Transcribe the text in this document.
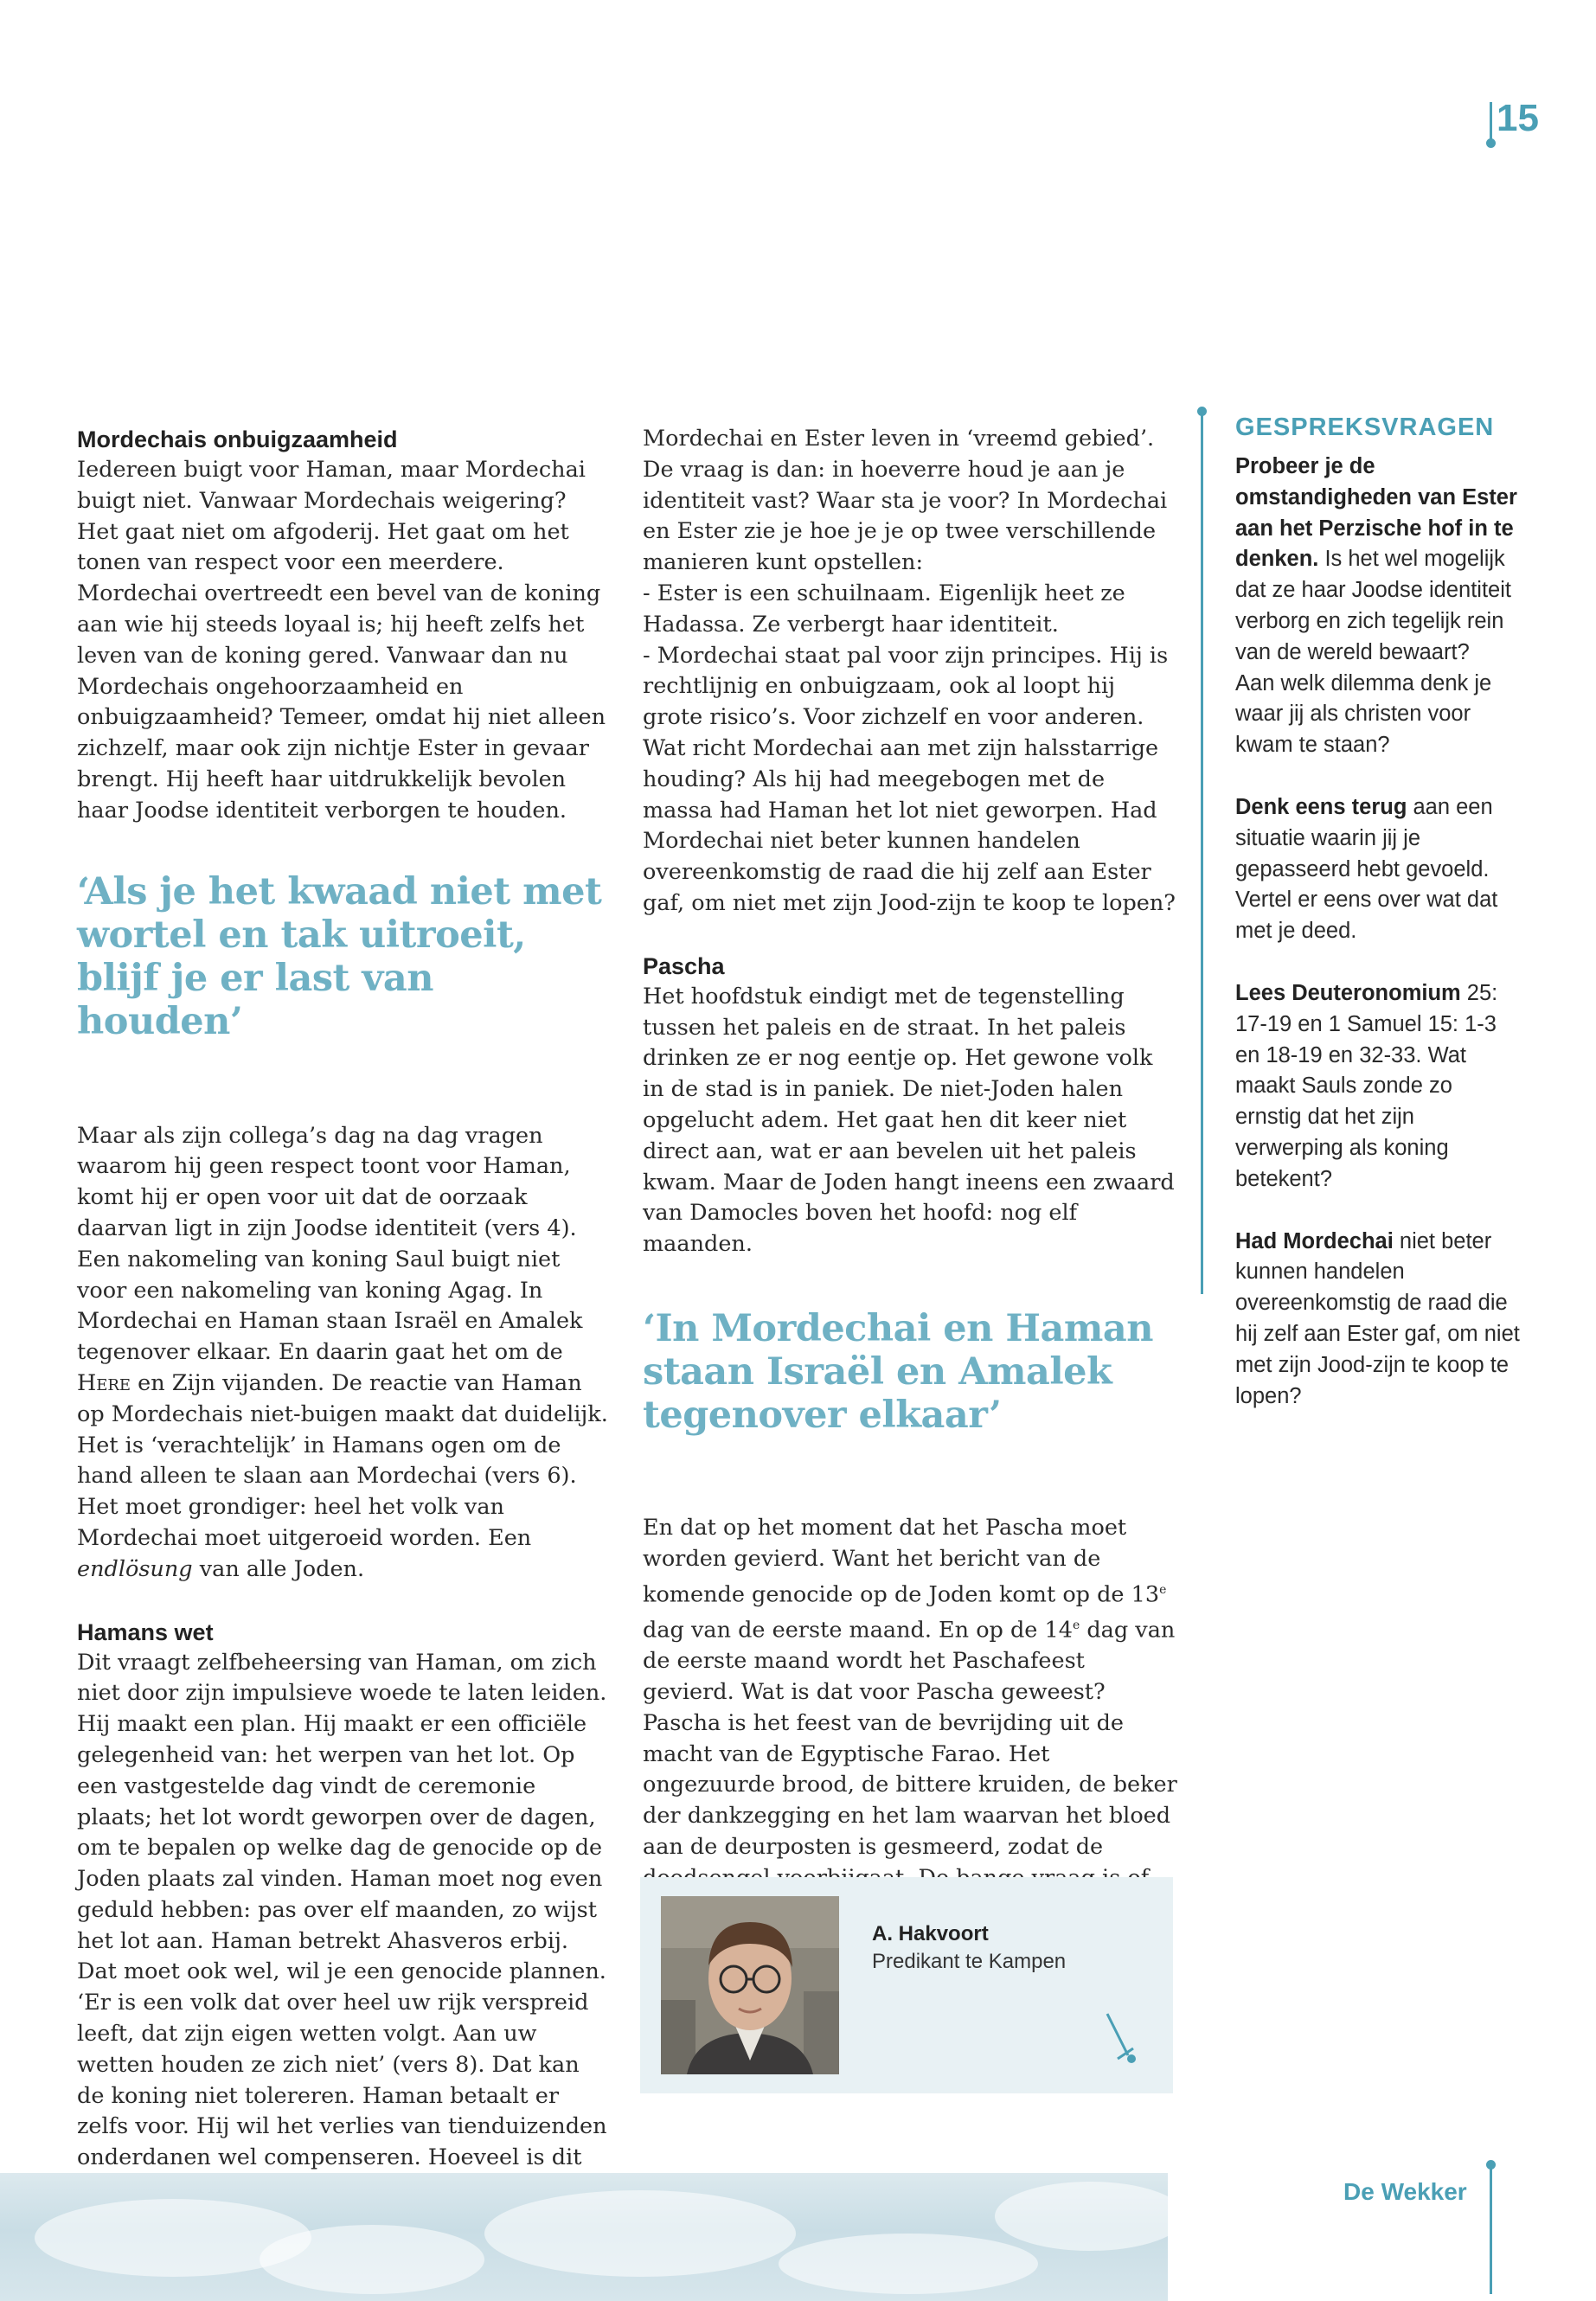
15
Mordechais onbuigzaamheid

Iedereen buigt voor Haman, maar Mordechai buigt niet. Vanwaar Mordechais weigering? Het gaat niet om afgoderij. Het gaat om het tonen van respect voor een meerdere. Mordechai overtreedt een bevel van de koning aan wie hij steeds loyaal is; hij heeft zelfs het leven van de koning gered. Vanwaar dan nu Mordechais ongehoorzaamheid en onbuigzaamheid? Temeer, omdat hij niet alleen zichzelf, maar ook zijn nichtje Ester in gevaar brengt. Hij heeft haar uitdrukkelijk bevolen haar Joodse identiteit verborgen te houden.

‘Als je het kwaad niet met wortel en tak uitroeit, blijf je er last van houden’

Maar als zijn collega’s dag na dag vragen waarom hij geen respect toont voor Haman, komt hij er open voor uit dat de oorzaak daarvan ligt in zijn Joodse identiteit (vers 4). Een nakomeling van koning Saul buigt niet voor een nakomeling van koning Agag. In Mordechai en Haman staan Israël en Amalek tegenover elkaar. En daarin gaat het om de Here en Zijn vijanden. De reactie van Haman op Mordechais niet-buigen maakt dat duidelijk. Het is ‘verachtelijk’ in Hamans ogen om de hand alleen te slaan aan Mordechai (vers 6). Het moet grondiger: heel het volk van Mordechai moet uitgeroeid worden. Een endlösung van alle Joden.

Hamans wet

Dit vraagt zelfbeheersing van Haman, om zich niet door zijn impulsieve woede te laten leiden. Hij maakt een plan. Hij maakt er een officiële gelegenheid van: het werpen van het lot. Op een vastgestelde dag vindt de ceremonie plaats; het lot wordt geworpen over de dagen, om te bepalen op welke dag de genocide op de Joden plaats zal vinden. Haman moet nog even geduld hebben: pas over elf maanden, zo wijst het lot aan. Haman betrekt Ahasveros erbij. Dat moet ook wel, wil je een genocide plannen. ‘Er is een volk dat over heel uw rijk verspreid leeft, dat zijn eigen wetten volgt. Aan uw wetten houden ze zich niet’ (vers 8). Dat kan de koning niet tolereren. Haman betaalt er zelfs voor. Hij wil het verlies van tienduizenden onderdanen wel compenseren. Hoeveel is dit

Mordechai en Ester leven in ‘vreemd gebied’. De vraag is dan: in hoeverre houd je aan je identiteit vast? Waar sta je voor? In Mordechai en Ester zie je hoe je je op twee verschillende manieren kunt opstellen:

- Ester is een schuilnaam. Eigenlijk heet ze Hadassa. Ze verbergt haar identiteit.

- Mordechai staat pal voor zijn principes. Hij is rechtlijnig en onbuigzaam, ook al loopt hij grote risico’s. Voor zichzelf en voor anderen.

Wat richt Mordechai aan met zijn halsstarrige houding? Als hij had meegebogen met de massa had Haman het lot niet geworpen. Had Mordechai niet beter kunnen handelen overeenkomstig de raad die hij zelf aan Ester gaf, om niet met zijn Jood-zijn te koop te lopen?

Pascha

Het hoofdstuk eindigt met de tegenstelling tussen het paleis en de straat. In het paleis drinken ze er nog eentje op. Het gewone volk in de stad is in paniek. De niet-Joden halen opgelucht adem. Het gaat hen dit keer niet direct aan, wat er aan bevelen uit het paleis kwam. Maar de Joden hangt ineens een zwaard van Damocles boven het hoofd: nog elf maanden.

‘In Mordechai en Haman staan Israël en Amalek tegenover elkaar’

En dat op het moment dat het Pascha moet worden gevierd. Want het bericht van de komende genocide op de Joden komt op de 13e dag van de eerste maand. En op de 14e dag van de eerste maand wordt het Paschafeest gevierd. Wat is dat voor Pascha geweest? Pascha is het feest van de bevrijding uit de macht van de Egyptische Farao. Het ongezuurde brood, de bittere kruiden, de beker der dankzegging en het lam waarvan het bloed aan de deurposten is gesmeerd, zodat de

GESPREKSVRAGEN
Probeer je de omstandigheden van Ester aan het Perzische hof in te denken. Is het wel mogelijk dat ze haar Joodse identiteit verborg en zich tegelijk rein van de wereld bewaart?
Aan welk dilemma denk je waar jij als christen voor kwam te staan?
Denk eens terug aan een situatie waarin jij je gepasseerd hebt gevoeld. Vertel er eens over wat dat met je deed.
Lees Deuteronomium 25: 17-19 en 1 Samuel 15: 1-3 en 18-19 en 32-33. Wat maakt Sauls zonde zo ernstig dat het zijn verwerping als koning betekent?
Had Mordechai niet beter kunnen handelen overeenkomstig de raad die hij zelf aan Ester gaf, om niet met zijn Jood-zijn te koop te lopen?
A. Hakvoort
Predikant te Kampen
De Wekker
